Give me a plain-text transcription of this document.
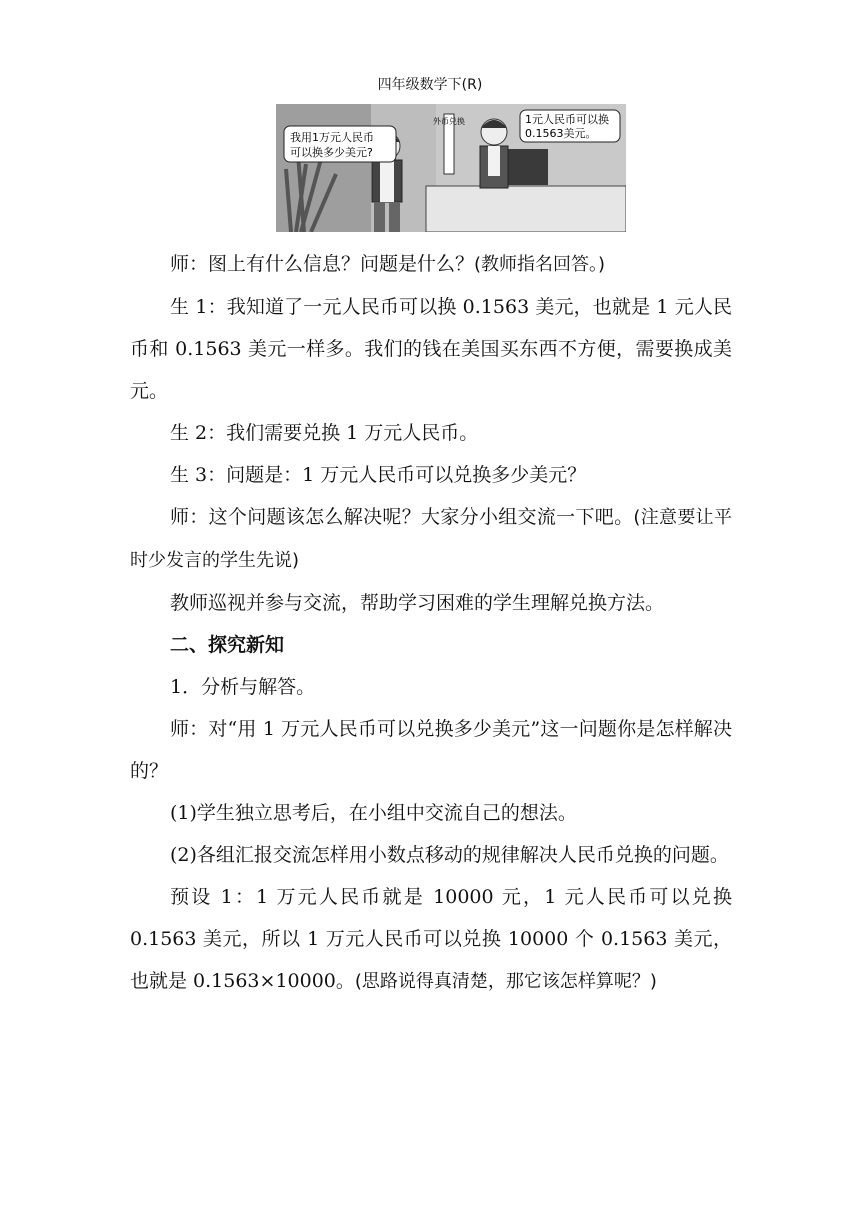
四年级数学下(R)
外币兑换
我用1万元人民币 可以换多少美元?
1元人民币可以换 0.1563美元。

师：图上有什么信息？问题是什么？(教师指名回答。)

生 1：我知道了一元人民币可以换 0.1563 美元，也就是 1 元人民币和 0.1563 美元一样多。我们的钱在美国买东西不方便，需要换成美元。

生 2：我们需要兑换 1 万元人民币。

生 3：问题是：1 万元人民币可以兑换多少美元？

师：这个问题该怎么解决呢？大家分小组交流一下吧。(注意要让平时少发言的学生先说)

教师巡视并参与交流，帮助学习困难的学生理解兑换方法。

二、探究新知

1．分析与解答。

师：对“用 1 万元人民币可以兑换多少美元”这一问题你是怎样解决的？

(1)学生独立思考后，在小组中交流自己的想法。

(2)各组汇报交流怎样用小数点移动的规律解决人民币兑换的问题。

预设 1：1 万元人民币就是 10000 元，1 元人民币可以兑换 0.1563 美元，所以 1 万元人民币可以兑换 10000 个 0.1563 美元，也就是 0.1563×10000。(思路说得真清楚，那它该怎样算呢？)
